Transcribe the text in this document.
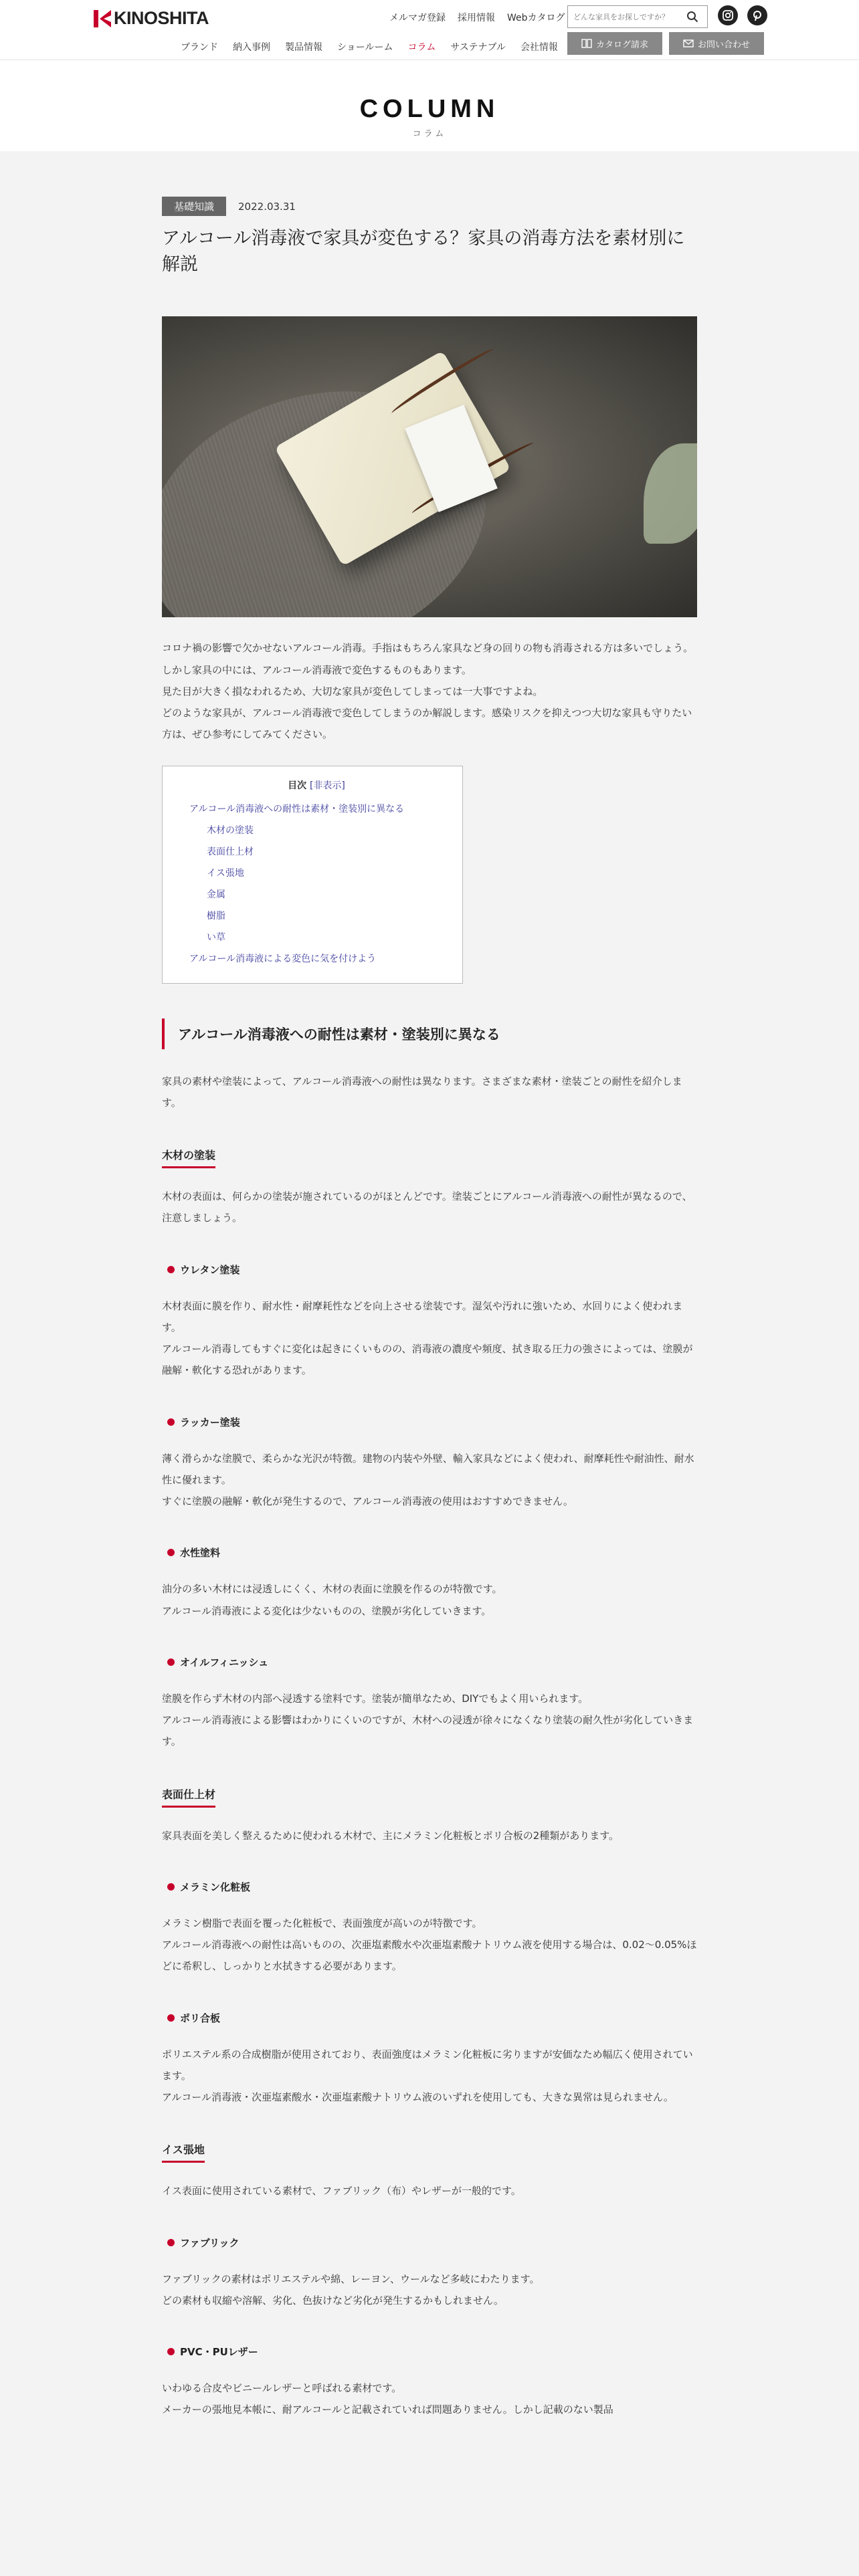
KINOSHITA	メルマガ登録 採用情報 Webカタログ
どんな家具をお探しですか？
ブランド 納入事例 製品情報 ショールーム コラム サステナブル 会社情報	カタログ請求	お問い合わせ
COLUMN

コラム

基礎知識	2022.03.31
アルコール消毒液で家具が変色する？家具の消毒方法を素材別に解説

コロナ禍の影響で欠かせないアルコール消毒。手指はもちろん家具など身の回りの物も消毒される方は多いでしょう。

しかし家具の中には、アルコール消毒液で変色するものもあります。

見た目が大きく損なわれるため、大切な家具が変色してしまっては一大事ですよね。

どのような家具が、アルコール消毒液で変色してしまうのか解説します。感染リスクを抑えつつ大切な家具も守りたい方は、ぜひ参考にしてみてください。

目次 [非表示]
アルコール消毒液への耐性は素材・塗装別に異なる
木材の塗装
表面仕上材
イス張地
金属
樹脂
い草
アルコール消毒液による変色に気を付けよう
アルコール消毒液への耐性は素材・塗装別に異なる

家具の素材や塗装によって、アルコール消毒液への耐性は異なります。さまざまな素材・塗装ごとの耐性を紹介します。

木材の塗装

木材の表面は、何らかの塗装が施されているのがほとんどです。塗装ごとにアルコール消毒液への耐性が異なるので、注意しましょう。

ウレタン塗装

木材表面に膜を作り、耐水性・耐摩耗性などを向上させる塗装です。湿気や汚れに強いため、水回りによく使われます。

アルコール消毒してもすぐに変化は起きにくいものの、消毒液の濃度や頻度、拭き取る圧力の強さによっては、塗膜が融解・軟化する恐れがあります。

ラッカー塗装

薄く滑らかな塗膜で、柔らかな光沢が特徴。建物の内装や外壁、輸入家具などによく使われ、耐摩耗性や耐油性、耐水性に優れます。

すぐに塗膜の融解・軟化が発生するので、アルコール消毒液の使用はおすすめできません。

水性塗料

油分の多い木材には浸透しにくく、木材の表面に塗膜を作るのが特徴です。

アルコール消毒液による変化は少ないものの、塗膜が劣化していきます。

オイルフィニッシュ

塗膜を作らず木材の内部へ浸透する塗料です。塗装が簡単なため、DIYでもよく用いられます。

アルコール消毒液による影響はわかりにくいのですが、木材への浸透が徐々になくなり塗装の耐久性が劣化していきます。

表面仕上材

家具表面を美しく整えるために使われる木材で、主にメラミン化粧板とポリ合板の2種類があります。

メラミン化粧板

メラミン樹脂で表面を覆った化粧板で、表面強度が高いのが特徴です。

アルコール消毒液への耐性は高いものの、次亜塩素酸水や次亜塩素酸ナトリウム液を使用する場合は、0.02〜0.05%ほどに希釈し、しっかりと水拭きする必要があります。

ポリ合板

ポリエステル系の合成樹脂が使用されており、表面強度はメラミン化粧板に劣りますが安価なため幅広く使用されています。

アルコール消毒液・次亜塩素酸水・次亜塩素酸ナトリウム液のいずれを使用しても、大きな異常は見られません。

イス張地

イス表面に使用されている素材で、ファブリック（布）やレザーが一般的です。

ファブリック

ファブリックの素材はポリエステルや綿、レーヨン、ウールなど多岐にわたります。

どの素材も収縮や溶解、劣化、色抜けなど劣化が発生するかもしれません。

PVC・PUレザー

いわゆる合皮やビニールレザーと呼ばれる素材です。

メーカーの張地見本帳に、耐アルコールと記載されていれば問題ありません。しかし記載のない製品
